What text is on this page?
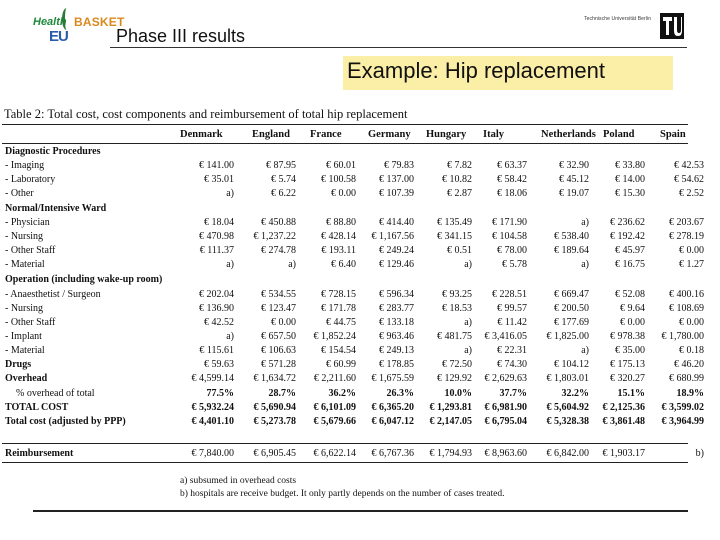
Health BASKET
EU	Phase III results
Technische Universität Berlin
Example: Hip replacement
Table 2: Total cost, cost components and reimbursement of total hip replacement
Denmark	England France	Germany Hungary Italy	Netherlands Poland Spain
Diagnostic Procedures
- Imaging	€ 141.00	€ 87.95	€ 60.01	€ 79.83	€ 7.82	€ 63.37	€ 32.90	€ 33.80	€ 42.53
- Laboratory	€ 35.01	€ 5.74	€ 100.58 € 137.00	€ 10.82	€ 58.42	€ 45.12	€ 14.00	€ 54.62
- Other	a)	€ 6.22	€ 0.00 € 107.39	€ 2.87	€ 18.06	€ 19.07	€ 15.30	€ 2.52
Normal/Intensive Ward
- Physician	€ 18.04	€ 450.88	€ 88.80 € 414.40 € 135.49 € 171.90	a) € 236.62 € 203.67
- Nursing	€ 470.98 € 1,237.22	€ 428.14 € 1,167.56 € 341.15 € 104.58	€ 538.40 € 192.42 € 278.19
- Other Staff	€ 111.37	€ 274.78	€ 193.11 € 249.24	€ 0.51	€ 78.00	€ 189.64	€ 45.97	€ 0.00
- Material	a)	a)	€ 6.40 € 129.46	a)	€ 5.78	a)	€ 16.75	€ 1.27
Operation (including wake-up room)
- Anaesthetist / Surgeon	€ 202.04	€ 534.55	€ 728.15 € 596.34	€ 93.25 € 228.51	€ 669.47	€ 52.08 € 400.16
- Nursing	€ 136.90	€ 123.47	€ 171.78 € 283.77	€ 18.53	€ 99.57	€ 200.50	€ 9.64 € 108.69
- Other Staff	€ 42.52	€ 0.00	€ 44.75 € 133.18	a)	€ 11.42	€ 177.69	€ 0.00	€ 0.00
- Implant	a)	€ 657.50 € 1,852.24 € 963.46 € 481.75 € 3,416.05 € 1,825.00 € 978.38 € 1,780.00
- Material	€ 115.61	€ 106.63	€ 154.54 € 249.13	a)	€ 22.31	a)	€ 35.00	€ 0.18
Drugs	€ 59.63	€ 571.28	€ 60.99 € 178.85	€ 72.50	€ 74.30	€ 104.12 € 175.13	€ 46.20
Overhead	€ 4,599.14 € 1,634.72 € 2,211.60 € 1,675.59 € 129.92 € 2,629.63 € 1,803.01 € 320.27 € 680.99
% overhead of total	77.5%	28.7%	36.2%	26.3%	10.0%	37.7%	32.2%	15.1%	18.9%
TOTAL COST	€ 5,932.24 € 5,690.94 € 6,101.09 € 6,365.20 € 1,293.81 € 6,981.90 € 5,604.92 € 2,125.36 € 3,599.02
Total cost (adjusted by PPP)	€ 4,401.10 € 5,273.78 € 5,679.66 € 6,047.12 € 2,147.05 € 6,795.04 € 5,328.38 € 3,861.48 € 3,964.99
Reimbursement	€ 7,840.00 € 6,905.45 € 6,622.14 € 6,767.36 € 1,794.93 € 8,963.60 € 6,842.00 € 1,903.17	b)
a) subsumed in overhead costs
b) hospitals are receive budget. It only partly depends on the number of cases treated.
